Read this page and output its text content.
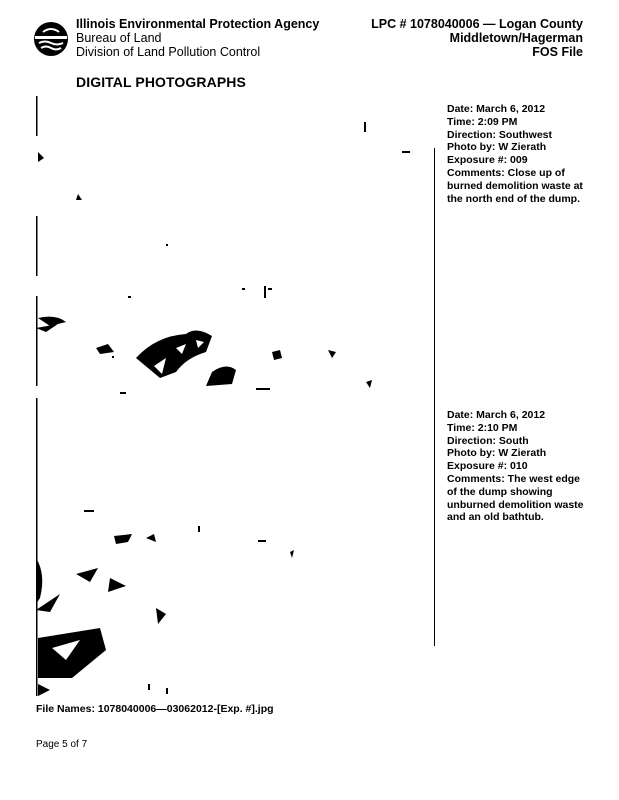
Illinois Environmental Protection Agency
Bureau of Land
Division of Land Pollution Control
LPC # 1078040006 — Logan County
Middletown/Hagerman
FOS File
DIGITAL PHOTOGRAPHS
Date: March 6, 2012
Time: 2:09 PM
Direction: Southwest
Photo by: W Zierath
Exposure #: 009
Comments: Close up of burned demolition waste at the north end of the dump.
Date: March 6, 2012
Time: 2:10 PM
Direction: South
Photo by: W Zierath
Exposure #: 010
Comments: The west edge of the dump showing unburned demolition waste and an old bathtub.
File Names: 1078040006—03062012-[Exp. #].jpg
Page 5 of 7
